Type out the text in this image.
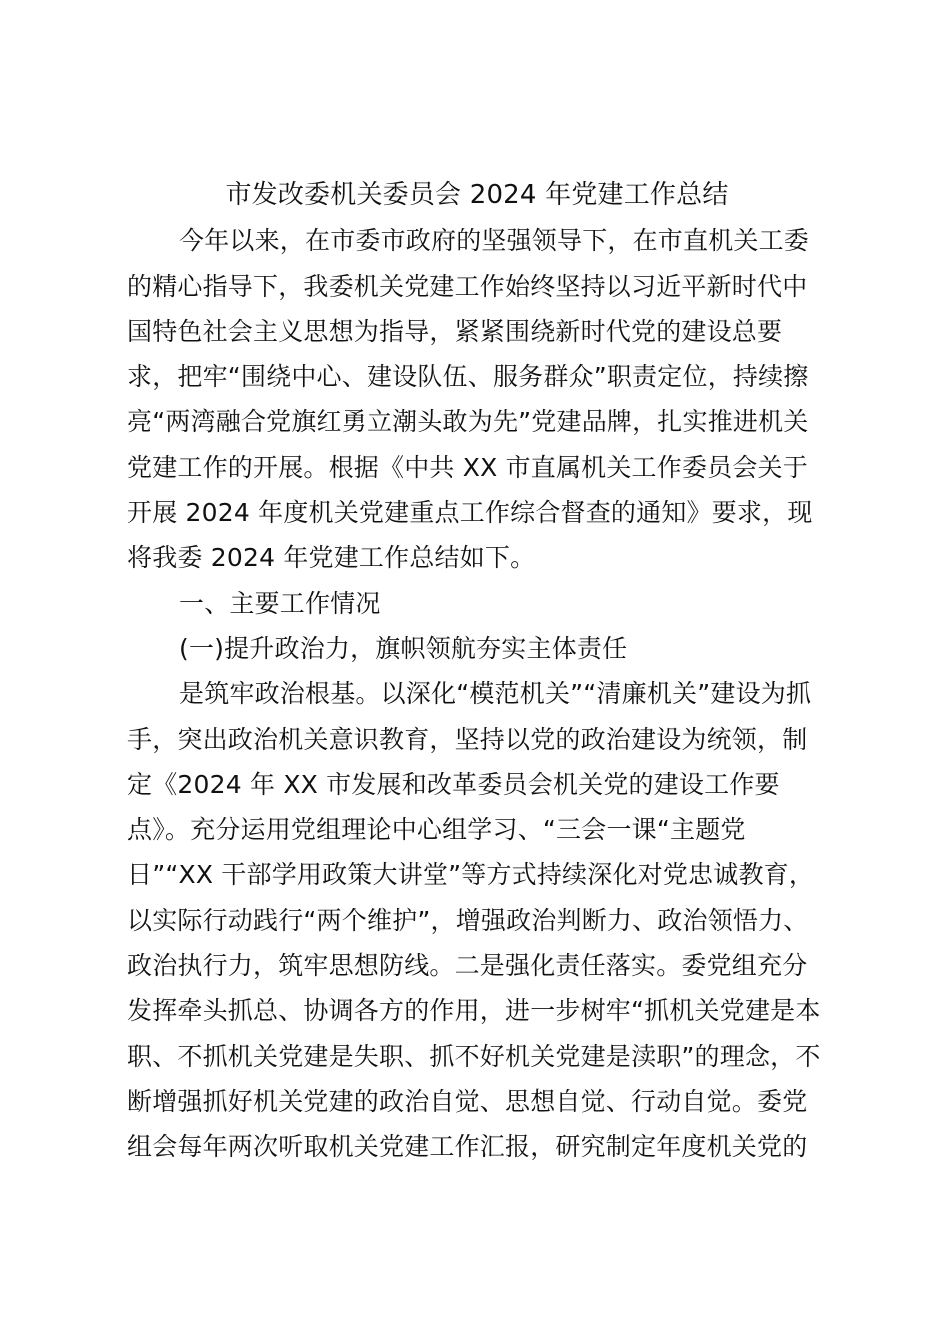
市发改委机关委员会 2024 年党建工作总结
今年以来，在市委市政府的坚强领导下，在市直机关工委
的精心指导下，我委机关党建工作始终坚持以习近平新时代中
国特色社会主义思想为指导，紧紧围绕新时代党的建设总要
求，把牢“围绕中心、建设队伍、服务群众”职责定位，持续擦
亮“两湾融合党旗红勇立潮头敢为先”党建品牌，扎实推进机关
党建工作的开展。根据《中共 XX 市直属机关工作委员会关于
开展 2024 年度机关党建重点工作综合督查的通知》要求，现
将我委 2024 年党建工作总结如下。
一、主要工作情况
(一)提升政治力，旗帜领航夯实主体责任
是筑牢政治根基。以深化“模范机关”“清廉机关”建设为抓
手，突出政治机关意识教育，坚持以党的政治建设为统领，制
定《2024 年 XX 市发展和改革委员会机关党的建设工作要
点》。充分运用党组理论中心组学习、“三会一课“主题党
日”“XX 干部学用政策大讲堂”等方式持续深化对党忠诚教育，
以实际行动践行“两个维护”，增强政治判断力、政治领悟力、
政治执行力，筑牢思想防线。二是强化责任落实。委党组充分
发挥牵头抓总、协调各方的作用，进一步树牢“抓机关党建是本
职、不抓机关党建是失职、抓不好机关党建是渎职”的理念，不
断增强抓好机关党建的政治自觉、思想自觉、行动自觉。委党
组会每年两次听取机关党建工作汇报，研究制定年度机关党的
